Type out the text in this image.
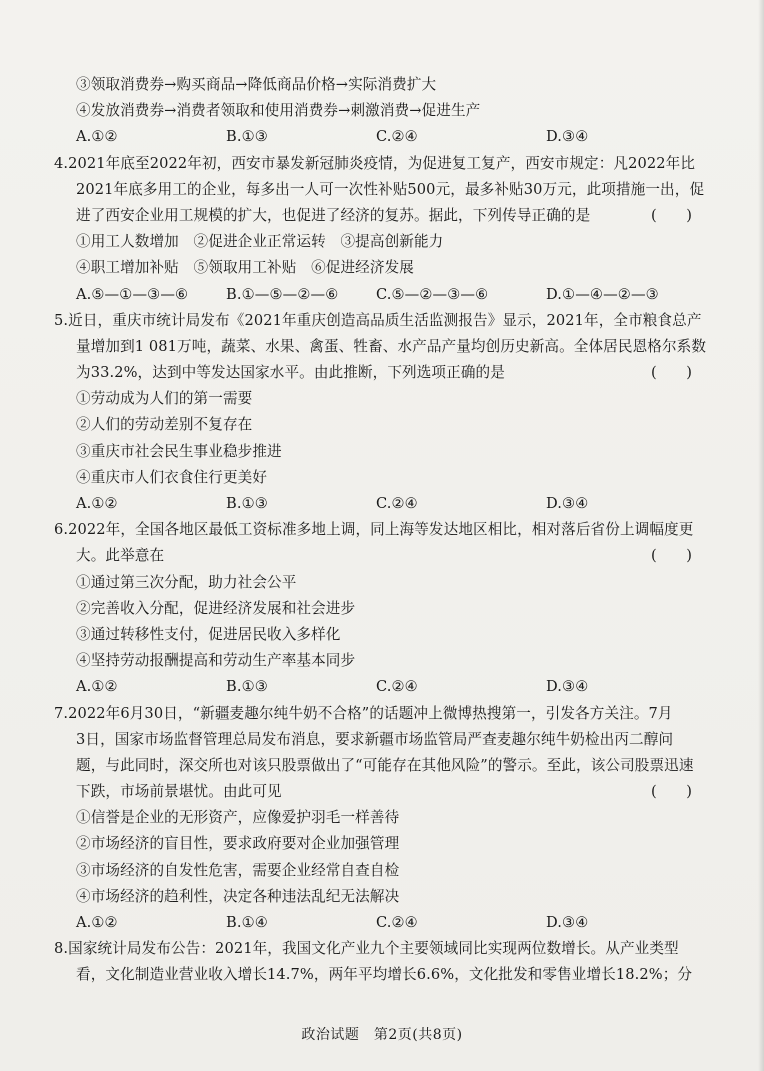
③领取消费券→购买商品→降低商品价格→实际消费扩大
④发放消费券→消费者领取和使用消费券→刺激消费→促进生产
A.①②	B.①③	C.②④	D.③④
4.2021年底至2022年初，西安市暴发新冠肺炎疫情，为促进复工复产，西安市规定：凡2022年比
2021年底多用工的企业，每多出一人可一次性补贴500元，最多补贴30万元，此项措施一出，促
进了西安企业用工规模的扩大，也促进了经济的复苏。据此，下列传导正确的是	(　　)
①用工人数增加　②促进企业正常运转　③提高创新能力
④职工增加补贴　⑤领取用工补贴　⑥促进经济发展
A.⑤—①—③—⑥	B.①—⑤—②—⑥	C.⑤—②—③—⑥	D.①—④—②—③
5.近日，重庆市统计局发布《2021年重庆创造高品质生活监测报告》显示，2021年，全市粮食总产
量增加到1 081万吨，蔬菜、水果、禽蛋、牲畜、水产品产量均创历史新高。全体居民恩格尔系数
为33.2%，达到中等发达国家水平。由此推断，下列选项正确的是	(　　)
①劳动成为人们的第一需要
②人们的劳动差别不复存在
③重庆市社会民生事业稳步推进
④重庆市人们衣食住行更美好
A.①②	B.①③	C.②④	D.③④
6.2022年，全国各地区最低工资标准多地上调，同上海等发达地区相比，相对落后省份上调幅度更
大。此举意在	(　　)
①通过第三次分配，助力社会公平
②完善收入分配，促进经济发展和社会进步
③通过转移性支付，促进居民收入多样化
④坚持劳动报酬提高和劳动生产率基本同步
A.①②	B.①③	C.②④	D.③④
7.2022年6月30日，“新疆麦趣尔纯牛奶不合格”的话题冲上微博热搜第一，引发各方关注。7月
3日，国家市场监督管理总局发布消息，要求新疆市场监管局严查麦趣尔纯牛奶检出丙二醇问
题，与此同时，深交所也对该只股票做出了“可能存在其他风险”的警示。至此，该公司股票迅速
下跌，市场前景堪忧。由此可见	(　　)
①信誉是企业的无形资产，应像爱护羽毛一样善待
②市场经济的盲目性，要求政府要对企业加强管理
③市场经济的自发性危害，需要企业经常自查自检
④市场经济的趋利性，决定各种违法乱纪无法解决
A.①②	B.①④	C.②④	D.③④
8.国家统计局发布公告：2021年，我国文化产业九个主要领域同比实现两位数增长。从产业类型
看，文化制造业营业收入增长14.7%，两年平均增长6.6%，文化批发和零售业增长18.2%；分
政治试题　第2页(共8页)
